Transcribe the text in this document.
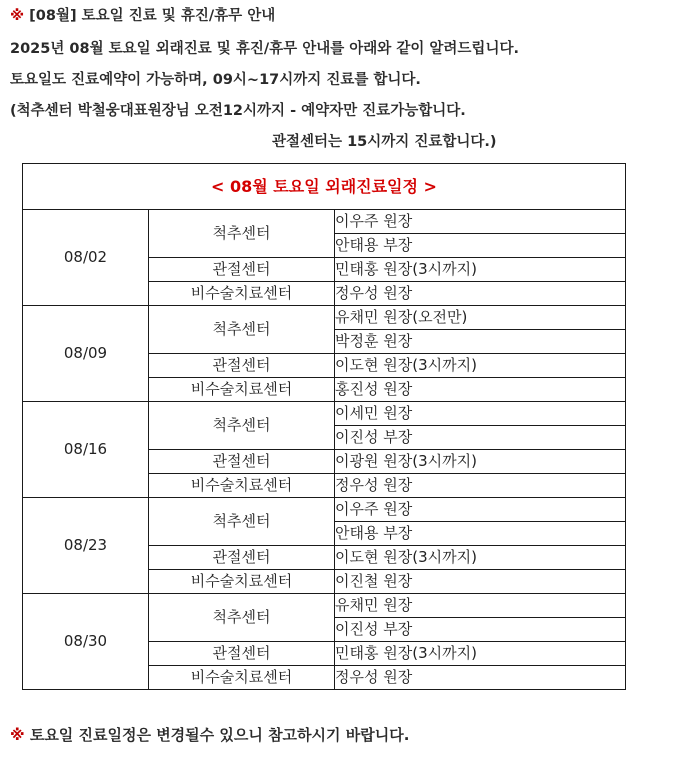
※ [08월] 토요일 진료 및 휴진/휴무 안내
2025년 08월 토요일 외래진료 및 휴진/휴무 안내를 아래와 같이 알려드립니다.
토요일도 진료예약이 가능하며, 09시~17시까지 진료를 합니다.
(척추센터 박철웅대표원장님 오전12시까지 - 예약자만 진료가능합니다.
관절센터는 15시까지 진료합니다.)
< 08월 토요일 외래진료일정 >		
08/02	척추센터	이우주 원장
		안태용 부장
	관절센터	민태홍 원장(3시까지)
	비수술치료센터	정우성 원장
08/09	척추센터	유채민 원장(오전만)
		박정훈 원장
	관절센터	이도현 원장(3시까지)
	비수술치료센터	홍진성 원장
08/16	척추센터	이세민 원장
		이진성 부장
	관절센터	이광원 원장(3시까지)
	비수술치료센터	정우성 원장
08/23	척추센터	이우주 원장
		안태용 부장
	관절센터	이도현 원장(3시까지)
	비수술치료센터	이진철 원장
08/30	척추센터	유채민 원장
		이진성 부장
	관절센터	민태홍 원장(3시까지)
	비수술치료센터	정우성 원장
※ 토요일 진료일정은 변경될수 있으니 참고하시기 바랍니다.
